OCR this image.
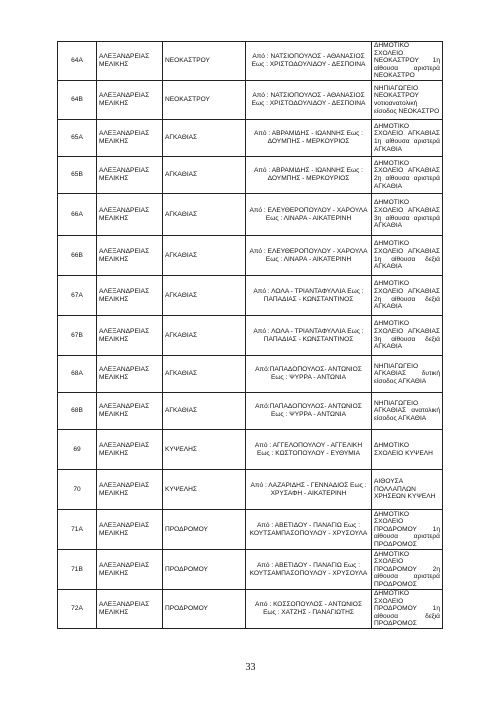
64Α	ΑΛΕΞΑΝΔΡΕΙΑΣ ΜΕΛΙΚΗΣ	ΝΕΟΚΑΣΤΡΟΥ	Από : ΝΑΤΣΙΟΠΟΥΛΟΣ - ΑΘΑΝΑΣΙΟΣ Εως : ΧΡΙΣΤΟΔΟΥΛΙΔΟΥ - ΔΕΣΠΟΙΝΑ	ΔΗΜΟΤΙΚΟ ΣΧΟΛΕΙΟ ΝΕΟΚΑΣΤΡΟΥ 1η αίθουσα αριστερά ΝΕΟΚΑΣΤΡΟ
64Β	ΑΛΕΞΑΝΔΡΕΙΑΣ ΜΕΛΙΚΗΣ	ΝΕΟΚΑΣΤΡΟΥ	Από : ΝΑΤΣΙΟΠΟΥΛΟΣ - ΑΘΑΝΑΣΙΟΣ Εως : ΧΡΙΣΤΟΔΟΥΛΙΔΟΥ - ΔΕΣΠΟΙΝΑ	ΝΗΠΙΑΓΩΓΕΙΟ ΝΕΟΚΑΣΤΡΟΥ νοτιοανατολική είσοδος ΝΕΟΚΑΣΤΡΟ
65Α	ΑΛΕΞΑΝΔΡΕΙΑΣ ΜΕΛΙΚΗΣ	ΑΓΚΑΘΙΑΣ	Από : ΑΒΡΑΜΙΔΗΣ - ΙΩΑΝΝΗΣ Εως : ΔΟΥΜΠΗΣ - ΜΕΡΚΟΥΡΙΟΣ	ΔΗΜΟΤΙΚΟ ΣΧΟΛΕΙΟ ΑΓΚΑΘΙΑΣ 1η αίθουσα αριστερά ΑΓΚΑΘΙΑ
65Β	ΑΛΕΞΑΝΔΡΕΙΑΣ ΜΕΛΙΚΗΣ	ΑΓΚΑΘΙΑΣ	Από : ΑΒΡΑΜΙΔΗΣ - ΙΩΑΝΝΗΣ Εως : ΔΟΥΜΠΗΣ - ΜΕΡΚΟΥΡΙΟΣ	ΔΗΜΟΤΙΚΟ ΣΧΟΛΕΙΟ ΑΓΚΑΘΙΑΣ 2η αίθουσα αριστερά ΑΓΚΑΘΙΑ
66Α	ΑΛΕΞΑΝΔΡΕΙΑΣ ΜΕΛΙΚΗΣ	ΑΓΚΑΘΙΑΣ	Από : ΕΛΕΥΘΕΡΟΠΟΥΛΟΥ - ΧΑΡΟΥΛΑ Εως : ΛΙΝΑΡΑ - ΑΙΚΑΤΕΡΙΝΗ	ΔΗΜΟΤΙΚΟ ΣΧΟΛΕΙΟ ΑΓΚΑΘΙΑΣ 3η αίθουσα αριστερά ΑΓΚΑΘΙΑ
66Β	ΑΛΕΞΑΝΔΡΕΙΑΣ ΜΕΛΙΚΗΣ	ΑΓΚΑΘΙΑΣ	Από : ΕΛΕΥΘΕΡΟΠΟΥΛΟΥ - ΧΑΡΟΥΛΑ Εως : ΛΙΝΑΡΑ - ΑΙΚΑΤΕΡΙΝΗ	ΔΗΜΟΤΙΚΟ ΣΧΟΛΕΙΟ ΑΓΚΑΘΙΑΣ 1η αίθουσα δεξιά ΑΓΚΑΘΙΑ
67Α	ΑΛΕΞΑΝΔΡΕΙΑΣ ΜΕΛΙΚΗΣ	ΑΓΚΑΘΙΑΣ	Από : ΛΟΛΑ - ΤΡΙΑΝΤΑΦΥΛΛΙΑ Εως : ΠΑΠΑΔΙΑΣ - ΚΩΝΣΤΑΝΤΙΝΟΣ	ΔΗΜΟΤΙΚΟ ΣΧΟΛΕΙΟ ΑΓΚΑΘΙΑΣ 2η αίθουσα δεξιά ΑΓΚΑΘΙΑ
67Β	ΑΛΕΞΑΝΔΡΕΙΑΣ ΜΕΛΙΚΗΣ	ΑΓΚΑΘΙΑΣ	Από : ΛΟΛΑ - ΤΡΙΑΝΤΑΦΥΛΛΙΑ Εως : ΠΑΠΑΔΙΑΣ - ΚΩΝΣΤΑΝΤΙΝΟΣ	ΔΗΜΟΤΙΚΟ ΣΧΟΛΕΙΟ ΑΓΚΑΘΙΑΣ 3η αίθουσα δεξιά ΑΓΚΑΘΙΑ
68Α	ΑΛΕΞΑΝΔΡΕΙΑΣ ΜΕΛΙΚΗΣ	ΑΓΚΑΘΙΑΣ	Από:ΠΑΠΑΔΟΠΟΥΛΟΣ- ΑΝΤΩΝΙΟΣ Εως : ΨΥΡΡΑ - ΑΝΤΩΝΙΑ	ΝΗΠΙΑΓΩΓΕΙΟ ΑΓΚΑΘΙΑΣ δυτική είσοδος ΑΓΚΑΘΙΑ
68Β	ΑΛΕΞΑΝΔΡΕΙΑΣ ΜΕΛΙΚΗΣ	ΑΓΚΑΘΙΑΣ	Από:ΠΑΠΑΔΟΠΟΥΛΟΣ- ΑΝΤΩΝΙΟΣ Εως : ΨΥΡΡΑ - ΑΝΤΩΝΙΑ	ΝΗΠΙΑΓΩΓΕΙΟ ΑΓΚΑΘΙΑΣ ανατολική είσοδος ΑΓΚΑΘΙΑ
69	ΑΛΕΞΑΝΔΡΕΙΑΣ ΜΕΛΙΚΗΣ	ΚΥΨΕΛΗΣ	Από : ΑΓΓΕΛΟΠΟΥΛΟΥ - ΑΓΓΕΛΙΚΗ Εως : ΚΩΣΤΟΠΟΥΛΟΥ - ΕΥΘΥΜΙΑ	ΔΗΜΟΤΙΚΟ ΣΧΟΛΕΙΟ ΚΥΨΕΛΗ
70	ΑΛΕΞΑΝΔΡΕΙΑΣ ΜΕΛΙΚΗΣ	ΚΥΨΕΛΗΣ	Από : ΛΑΖΑΡΙΔΗΣ - ΓΕΝΝΑΔΙΟΣ Εως : ΧΡΥΣΑΦΗ - ΑΙΚΑΤΕΡΙΝΗ	ΑΙΘΟΥΣΑ ΠΟΛΛΑΠΛΩΝ ΧΡΗΣΕΩΝ ΚΥΨΕΛΗ
71Α	ΑΛΕΞΑΝΔΡΕΙΑΣ ΜΕΛΙΚΗΣ	ΠΡΟΔΡΟΜΟΥ	Από : ΑΒΕΤΙΔΟΥ - ΠΑΝΑΓΙΩ Εως : ΚΟΥΤΣΑΜΠΑΣΟΠΟΥΛΟΥ - ΧΡΥΣΟΥΛΑ	ΔΗΜΟΤΙΚΟ ΣΧΟΛΕΙΟ ΠΡΟΔΡΟΜΟΥ 1η αίθουσα αριστερά ΠΡΟΔΡΟΜΟΣ
71Β	ΑΛΕΞΑΝΔΡΕΙΑΣ ΜΕΛΙΚΗΣ	ΠΡΟΔΡΟΜΟΥ	Από : ΑΒΕΤΙΔΟΥ - ΠΑΝΑΓΙΩ Εως : ΚΟΥΤΣΑΜΠΑΣΟΠΟΥΛΟΥ - ΧΡΥΣΟΥΛΑ	ΔΗΜΟΤΙΚΟ ΣΧΟΛΕΙΟ ΠΡΟΔΡΟΜΟΥ 2η αίθουσα αριστερά ΠΡΟΔΡΟΜΟΣ
72Α	ΑΛΕΞΑΝΔΡΕΙΑΣ ΜΕΛΙΚΗΣ	ΠΡΟΔΡΟΜΟΥ	Από : ΚΟΣΣΟΠΟΥΛΟΣ - ΑΝΤΩΝΙΟΣ Εως : ΧΑΤΖΗΣ - ΠΑΝΑΓΙΩΤΗΣ	ΔΗΜΟΤΙΚΟ ΣΧΟΛΕΙΟ ΠΡΟΔΡΟΜΟΥ 1η αίθουσα δεξιά ΠΡΟΔΡΟΜΟΣ
33
